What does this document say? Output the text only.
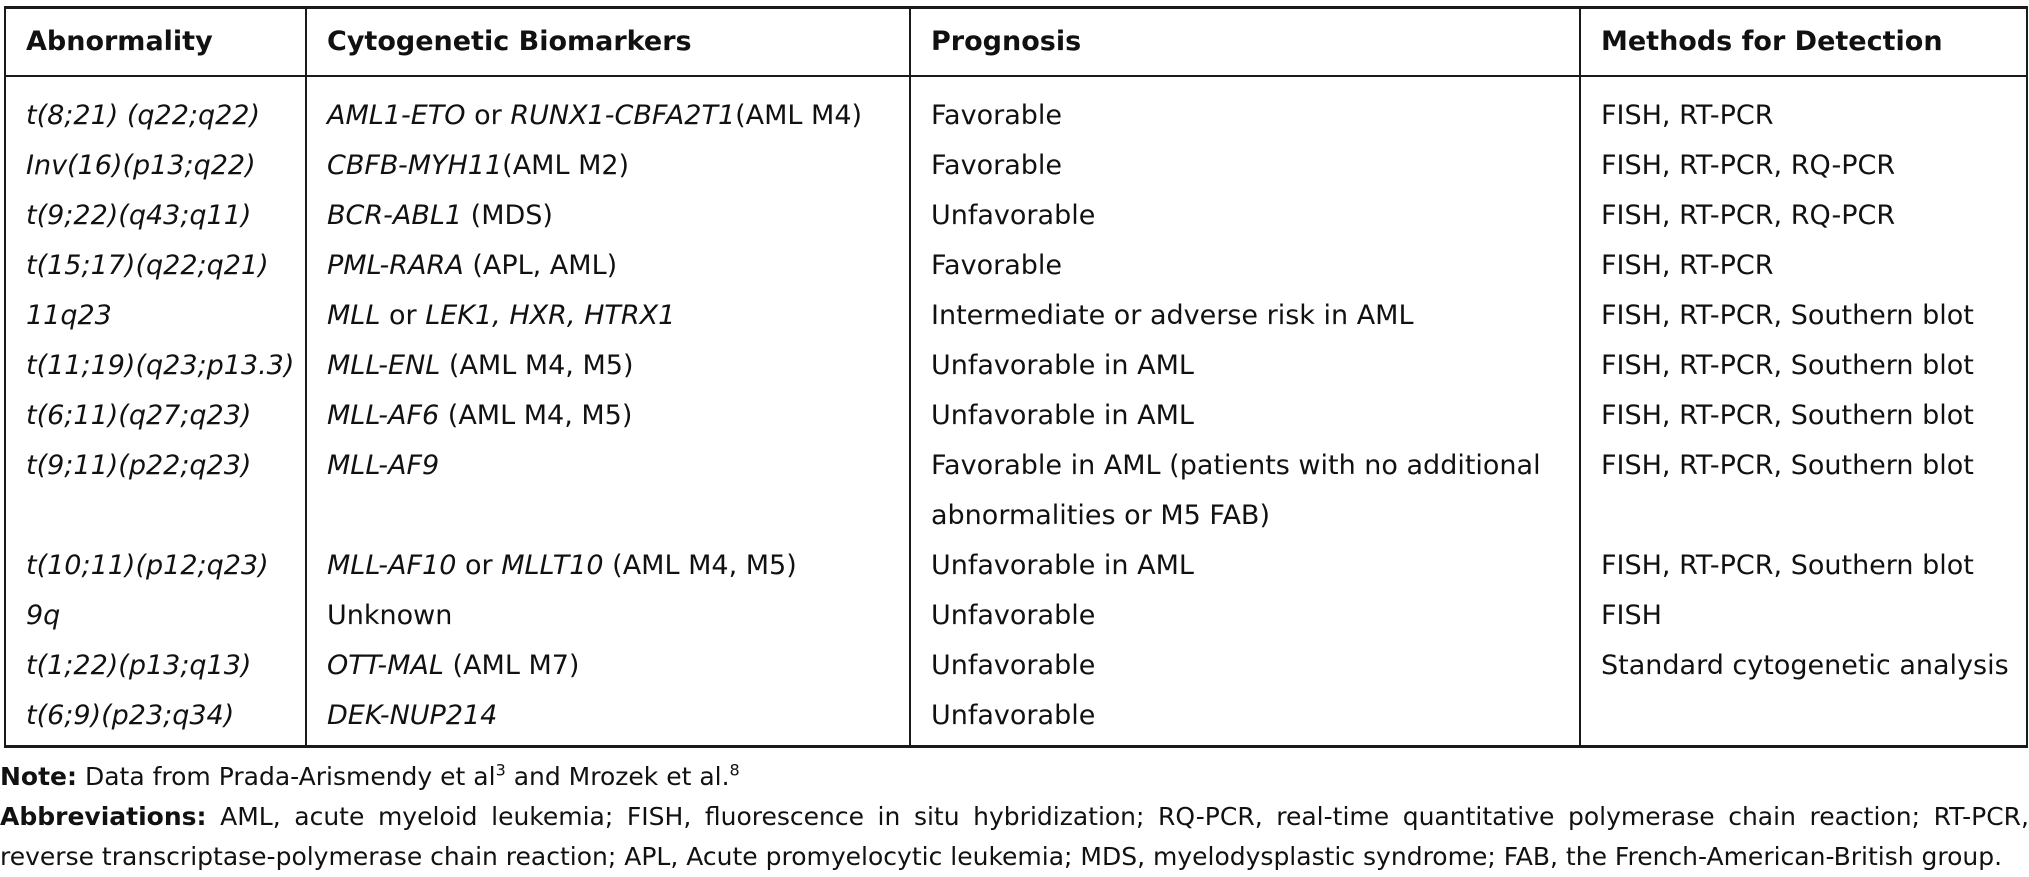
Abnormality	Cytogenetic Biomarkers	Prognosis	Methods for Detection
t(8;21) (q22;q22)	AML1-ETO or RUNX1-CBFA2T1(AML M4)	Favorable	FISH, RT-PCR
Inv(16)(p13;q22)	CBFB-MYH11(AML M2)	Favorable	FISH, RT-PCR, RQ-PCR
t(9;22)(q43;q11)	BCR-ABL1 (MDS)	Unfavorable	FISH, RT-PCR, RQ-PCR
t(15;17)(q22;q21)	PML-RARA (APL, AML)	Favorable	FISH, RT-PCR
11q23	MLL or LEK1, HXR, HTRX1	Intermediate or adverse risk in AML	FISH, RT-PCR, Southern blot
t(11;19)(q23;p13.3)	MLL-ENL (AML M4, M5)	Unfavorable in AML	FISH, RT-PCR, Southern blot
t(6;11)(q27;q23)	MLL-AF6 (AML M4, M5)	Unfavorable in AML	FISH, RT-PCR, Southern blot
t(9;11)(p22;q23)	MLL-AF9	Favorable in AML (patients with no additional abnormalities or M5 FAB)	FISH, RT-PCR, Southern blot
t(10;11)(p12;q23)	MLL-AF10 or MLLT10 (AML M4, M5)	Unfavorable in AML	FISH, RT-PCR, Southern blot
9q	Unknown	Unfavorable	FISH
t(1;22)(p13;q13)	OTT-MAL (AML M7)	Unfavorable	Standard cytogenetic analysis
t(6;9)(p23;q34)	DEK-NUP214	Unfavorable	

Note: Data from Prada-Arismendy et $al^3$ and Mrozek et al.$^8$

Abbreviations: AML, acute myeloid leukemia; FISH, fluorescence in situ hybridization; RQ-PCR, real-time quantitative polymerase chain reaction; RT-PCR, reverse transcriptase-polymerase chain reaction; APL, Acute promyelocytic leukemia; MDS, myelodysplastic syndrome; FAB, the French-American-British group.
